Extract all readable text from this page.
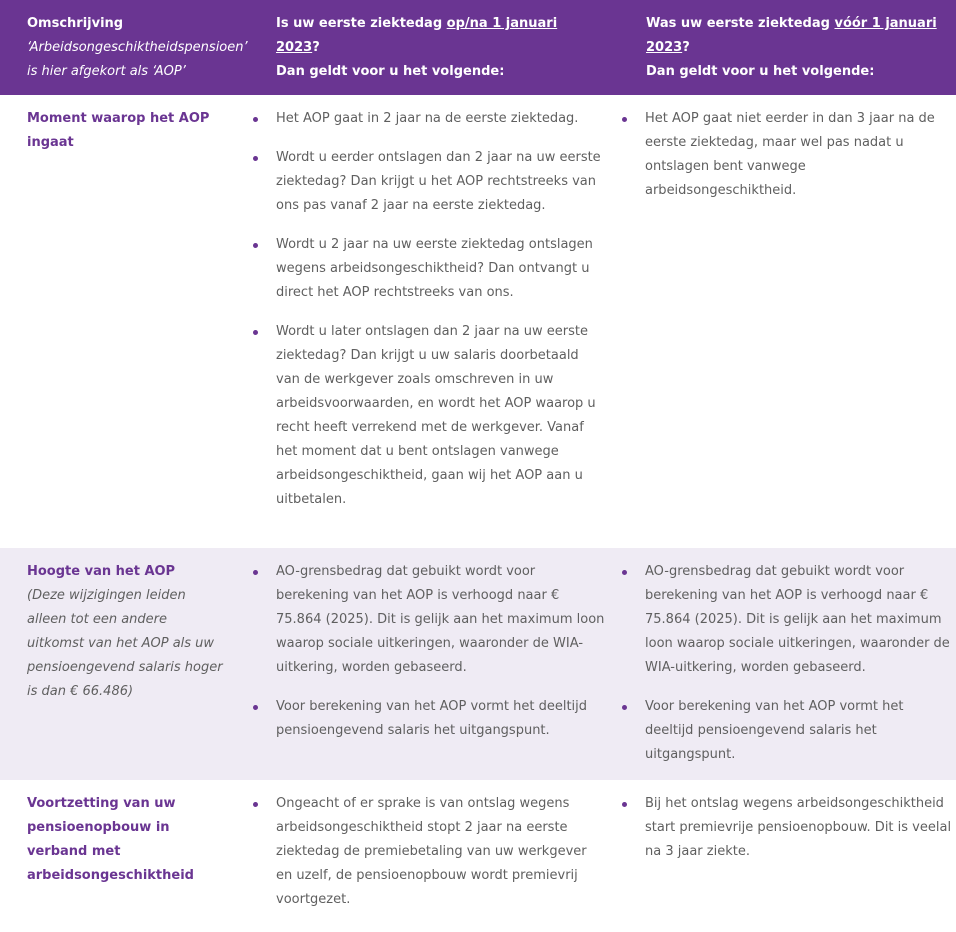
Omschrijving
‘Arbeidsongeschiktheidspensioen’
is hier afgekort als ‘AOP’
Is uw eerste ziektedag op/na 1 januari 2023?
Dan geldt voor u het volgende:
Was uw eerste ziektedag vóór 1 januari 2023?
Dan geldt voor u het volgende:
Moment waarop het AOP ingaat
Het AOP gaat in 2 jaar na de eerste ziektedag.
Wordt u eerder ontslagen dan 2 jaar na uw eerste ziektedag? Dan krijgt u het AOP rechtstreeks van ons pas vanaf 2 jaar na eerste ziektedag.
Wordt u 2 jaar na uw eerste ziektedag ontslagen wegens arbeidsongeschiktheid? Dan ontvangt u direct het AOP rechtstreeks van ons.
Wordt u later ontslagen dan 2 jaar na uw eerste ziektedag? Dan krijgt u uw salaris doorbetaald van de werkgever zoals omschreven in uw arbeidsvoorwaarden, en wordt het AOP waarop u recht heeft verrekend met de werkgever. Vanaf het moment dat u bent ontslagen vanwege arbeidsongeschiktheid, gaan wij het AOP aan u uitbetalen.
Het AOP gaat niet eerder in dan 3 jaar na de eerste ziektedag, maar wel pas nadat u ontslagen bent vanwege arbeidsongeschiktheid.
Hoogte van het AOP
(Deze wijzigingen leiden alleen tot een andere uitkomst van het AOP als uw pensioengevend salaris hoger is dan € 66.486)
AO-grensbedrag dat gebuikt wordt voor berekening van het AOP is verhoogd naar € 75.864 (2025). Dit is gelijk aan het maximum loon waarop sociale uitkeringen, waaronder de WIA-uitkering, worden gebaseerd.
Voor berekening van het AOP vormt het deeltijd pensioengevend salaris het uitgangspunt.
AO-grensbedrag dat gebuikt wordt voor berekening van het AOP is verhoogd naar € 75.864 (2025). Dit is gelijk aan het maximum loon waarop sociale uitkeringen, waaronder de WIA-uitkering, worden gebaseerd.
Voor berekening van het AOP vormt het deeltijd pensioengevend salaris het uitgangspunt.
Voortzetting van uw pensioenopbouw in verband met arbeidsongeschiktheid
Ongeacht of er sprake is van ontslag wegens arbeidsongeschiktheid stopt 2 jaar na eerste ziektedag de premiebetaling van uw werkgever en uzelf, de pensioenopbouw wordt premievrij voortgezet.
Bij het ontslag wegens arbeidsongeschiktheid start premievrije pensioenopbouw. Dit is veelal na 3 jaar ziekte.
